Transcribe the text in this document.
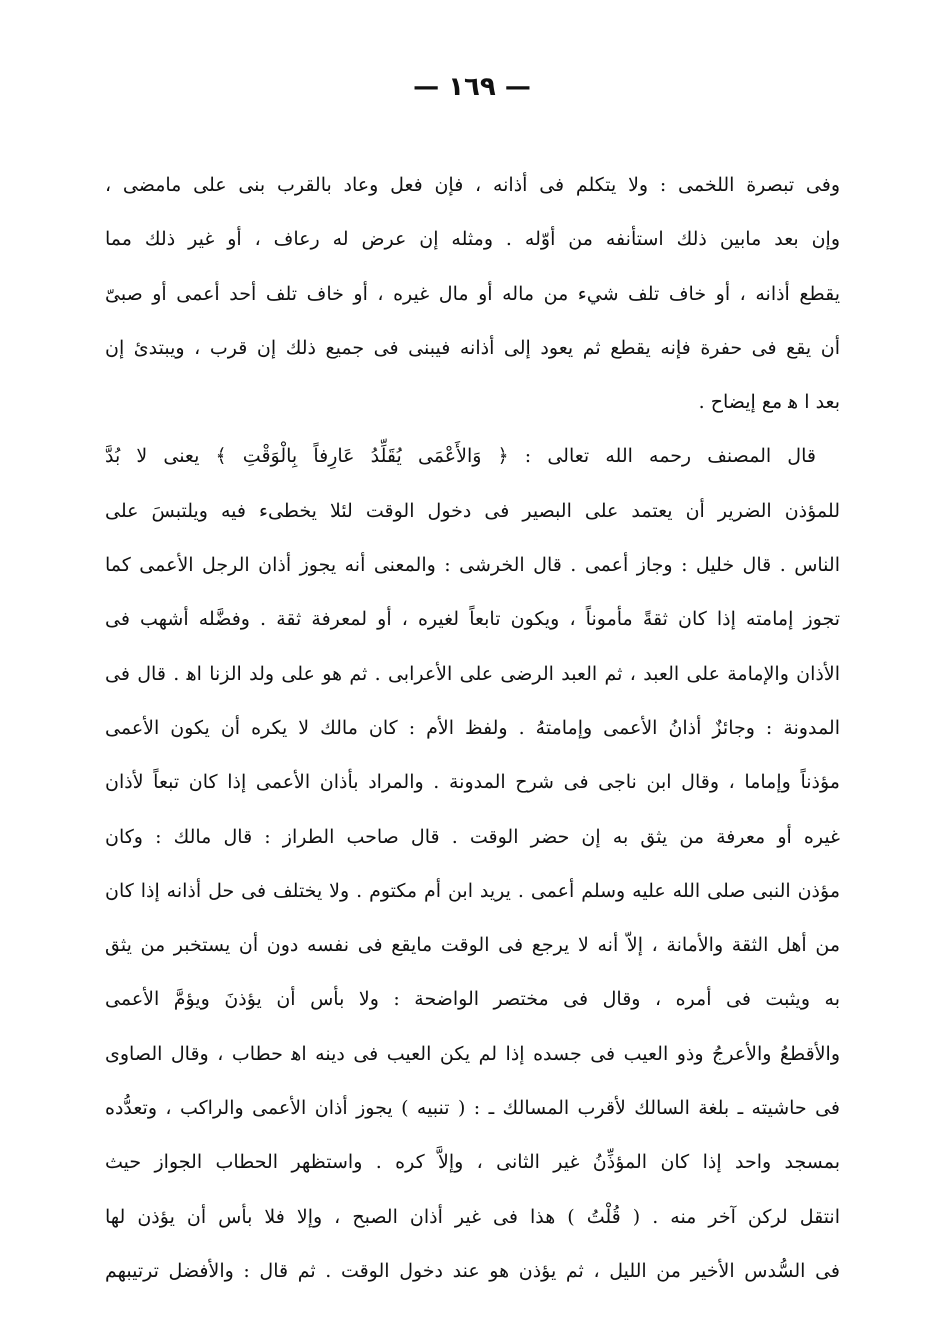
— ١٦٩ —
وفى تبصرة اللخمى : ولا يتكلم فى أذانه ، فإن فعل وعاد بالقرب بنى على مامضى ،
وإن بعد مابين ذلك استأنفه من أوّله . ومثله إن عرض له رعاف ، أو غير ذلك مما
يقطع أذانه ، أو خاف تلف شيء من ماله أو مال غيره ، أو خاف تلف أحد أعمى أو صبىّ
أن يقع فى حفرة فإنه يقطع ثم يعود إلى أذانه فيبنى فى جميع ذلك إن قرب ، ويبتدئ إن
بعد ا ﻫ مع إيضاح .
قال المصنف رحمه الله تعالى : ﴿ وَالأَعْمَى يُقَلِّدُ عَارِفاً بِالْوَقْتِ ﴾ يعنى لا بُدَّ
للمؤذن الضرير أن يعتمد على البصير فى دخول الوقت لئلا يخطىء فيه ويلتبسَ على
الناس . قال خليل : وجاز أعمى . قال الخرشى : والمعنى أنه يجوز أذان الرجل الأعمى كما
تجوز إمامته إذا كان ثقةً مأموناً ، ويكون تابعاً لغيره ، أو لمعرفة ثقة . وفضَّله أشهب فى
الأذان والإمامة على العبد ، ثم العبد الرضى على الأعرابى . ثم هو على ولد الزنا اﻫ . قال فى
المدونة : وجائزٌ أذانُ الأعمى وإمامتهُ . ولفظ الأم : كان مالك لا يكره أن يكون الأعمى
مؤذناً وإماما ، وقال ابن ناجى فى شرح المدونة . والمراد بأذان الأعمى إذا كان تبعاً لأذان
غيره أو معرفة من يثق به إن حضر الوقت . قال صاحب الطراز : قال مالك : وكان
مؤذن النبى صلى الله عليه وسلم أعمى . يريد ابن أم مكتوم . ولا يختلف فى حل أذانه إذا كان
من أهل الثقة والأمانة ، إلاّ أنه لا يرجع فى الوقت مايقع فى نفسه دون أن يستخبر من يثق
به ويثبت فى أمره ، وقال فى مختصر الواضحة : ولا بأس أن يؤذنَ ويؤمَّ الأعمى
والأقطعُ والأعرجُ وذو العيب فى جسده إذا لم يكن العيب فى دينه اﻫ حطاب ، وقال الصاوى
فى حاشيته ـ بلغة السالك لأقرب المسالك ـ : ( تنبيه ) يجوز أذان الأعمى والراكب ، وتعدُّده
بمسجد واحد إذا كان المؤذِّنُ غير الثانى ، وإلاَّ كره . واستظهر الحطاب الجواز حيث
انتقل لركن آخر منه . ( قُلْتُ ) هذا فى غير أذان الصبح ، وإلا فلا بأس أن يؤذن لها
فى السُّدس الأخير من الليل ، ثم يؤذن هو عند دخول الوقت . ثم قال : والأفضل ترتيبهم
